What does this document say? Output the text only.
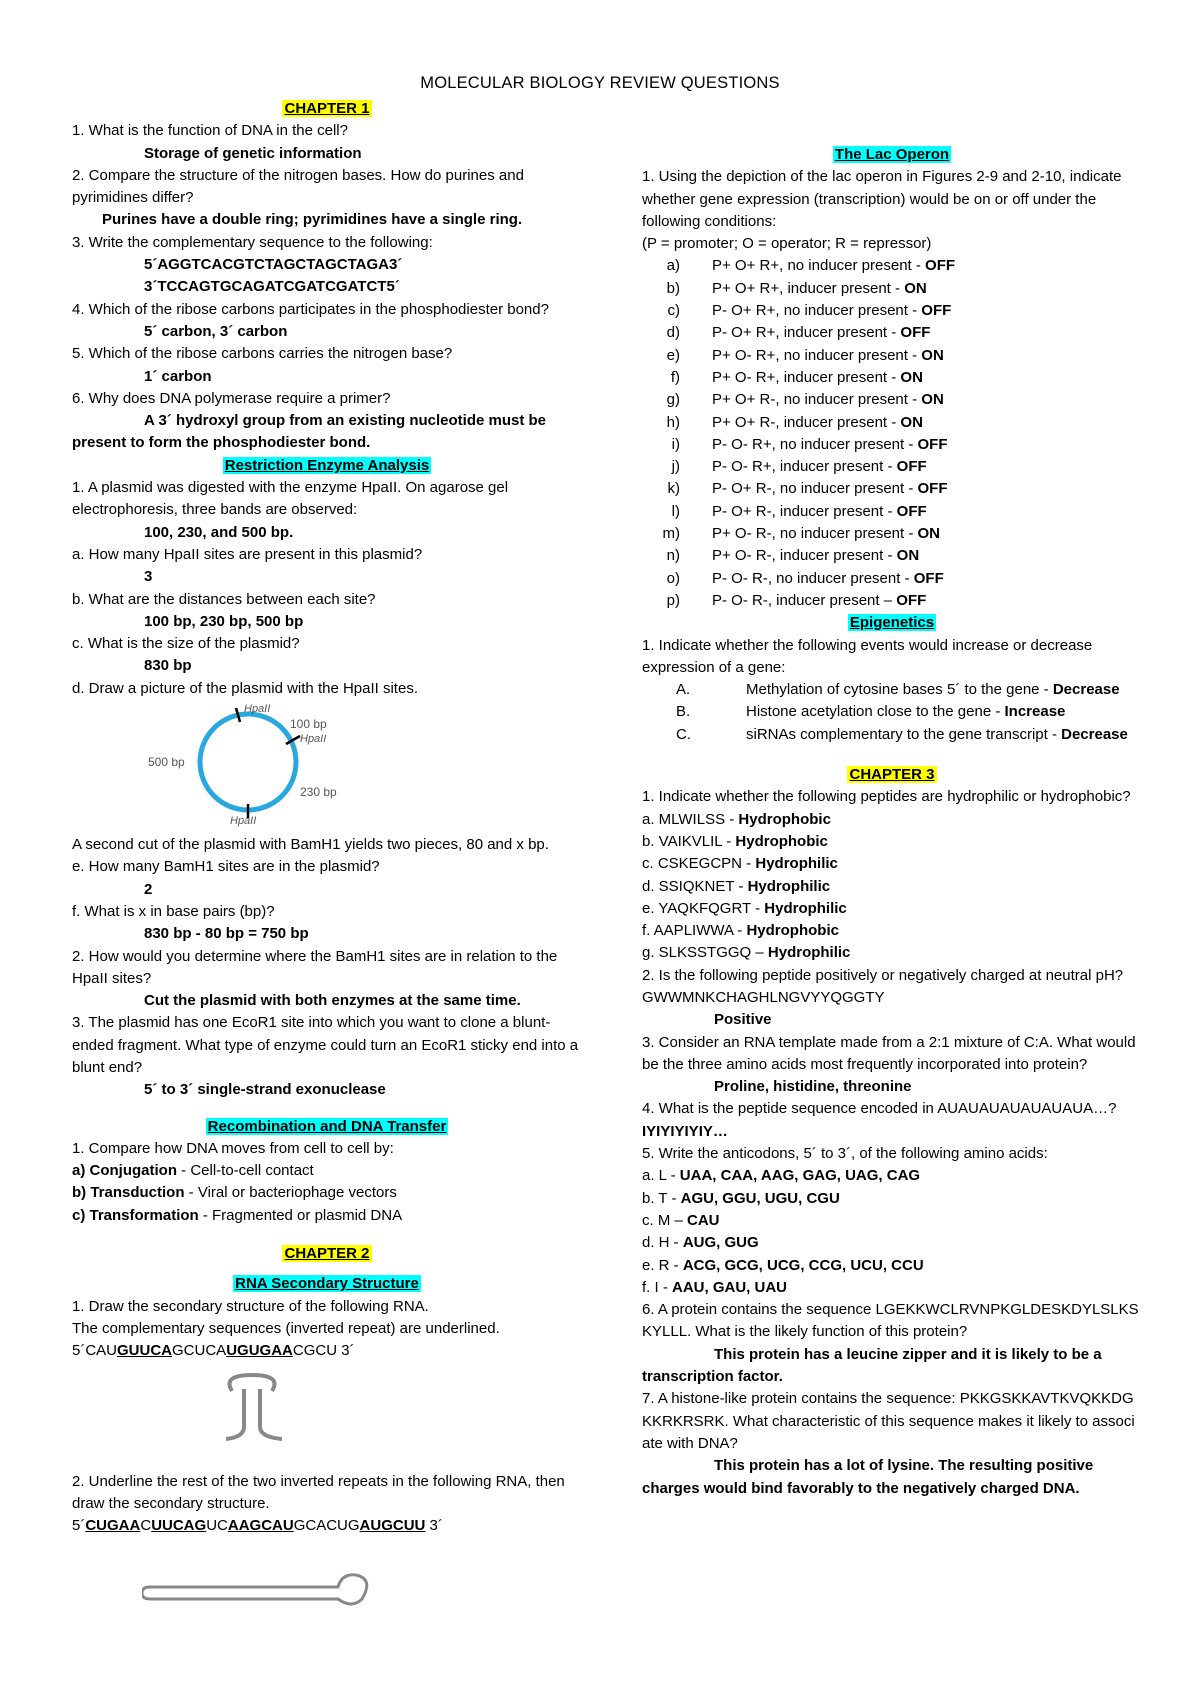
MOLECULAR BIOLOGY REVIEW QUESTIONS
CHAPTER 1
1. What is the function of DNA in the cell?
Storage of genetic information
2. Compare the structure of the nitrogen bases. How do purines and pyrimidines differ?
Purines have a double ring; pyrimidines have a single ring.
3. Write the complementary sequence to the following:
5´AGGTCACGTCTAGCTAGCTAGA3´
3´TCCAGTGCAGATCGATCGATCT5´
4. Which of the ribose carbons participates in the phosphodiester bond?
5´ carbon, 3´ carbon
5. Which of the ribose carbons carries the nitrogen base?
1´ carbon
6. Why does DNA polymerase require a primer?
A 3´ hydroxyl group from an existing nucleotide must be present to form the phosphodiester bond.
Restriction Enzyme Analysis
1. A plasmid was digested with the enzyme HpaII. On agarose gel electrophoresis, three bands are observed:
100, 230, and 500 bp.
a. How many HpaII sites are present in this plasmid?
3
b. What are the distances between each site?
100 bp, 230 bp, 500 bp
c. What is the size of the plasmid?
830 bp
d. Draw a picture of the plasmid with the HpaII sites.
HpaII
100 bp
HpaII
230 bp
500 bp
HpaII
A second cut of the plasmid with BamH1 yields two pieces, 80 and x bp.
e. How many BamH1 sites are in the plasmid?
2
f. What is x in base pairs (bp)?
830 bp - 80 bp = 750 bp
2. How would you determine where the BamH1 sites are in relation to the HpaII sites?
Cut the plasmid with both enzymes at the same time.
3. The plasmid has one EcoR1 site into which you want to clone a blunt-ended fragment. What type of enzyme could turn an EcoR1 sticky end into a blunt end?
5´ to 3´ single-strand exonuclease
Recombination and DNA Transfer
1. Compare how DNA moves from cell to cell by:
a) Conjugation - Cell-to-cell contact
b) Transduction - Viral or bacteriophage vectors
c) Transformation - Fragmented or plasmid DNA
CHAPTER 2
RNA Secondary Structure
1. Draw the secondary structure of the following RNA.
The complementary sequences (inverted repeat) are underlined.
5´CAUGUUCAGCUCAUGUGAACGCU 3´
2. Underline the rest of the two inverted repeats in the following RNA, then draw the secondary structure.
5´CUGAACUUCAGUCAAGCAUGCACUGAUGCUU 3´
The Lac Operon
1. Using the depiction of the lac operon in Figures 2-9 and 2-10, indicate whether gene expression (transcription) would be on or off under the following conditions:
(P = promoter; O = operator; R = repressor)
a) P+ O+ R+, no inducer present - OFF
b) P+ O+ R+, inducer present - ON
c) P- O+ R+, no inducer present - OFF
d) P- O+ R+, inducer present - OFF
e) P+ O- R+, no inducer present - ON
f) P+ O- R+, inducer present - ON
g) P+ O+ R-, no inducer present - ON
h) P+ O+ R-, inducer present - ON
i) P- O- R+, no inducer present - OFF
j) P- O- R+, inducer present - OFF
k) P- O+ R-, no inducer present - OFF
l) P- O+ R-, inducer present - OFF
m) P+ O- R-, no inducer present - ON
n) P+ O- R-, inducer present - ON
o) P- O- R-, no inducer present - OFF
p) P- O- R-, inducer present – OFF
Epigenetics
1. Indicate whether the following events would increase or decrease expression of a gene:
A.	Methylation of cytosine bases 5´ to the gene - Decrease
B.	Histone acetylation close to the gene - Increase
C.	siRNAs complementary to the gene transcript - Decrease
CHAPTER 3
1. Indicate whether the following peptides are hydrophilic or hydrophobic?
a. MLWILSS - Hydrophobic
b. VAIKVLIL - Hydrophobic
c. CSKEGCPN - Hydrophilic
d. SSIQKNET - Hydrophilic
e. YAQKFQGRT - Hydrophilic
f. AAPLIWWA - Hydrophobic
g. SLKSSTGGQ – Hydrophilic
2. Is the following peptide positively or negatively charged at neutral pH?
GWWMNKCHAGHLNGVYYQGGTY
Positive
3. Consider an RNA template made from a 2:1 mixture of C:A. What would be the three amino acids most frequently incorporated into protein?
Proline, histidine, threonine
4. What is the peptide sequence encoded in AUAUAUAUAUAUAUA…?
IYIYIYIYIY…
5. Write the anticodons, 5´ to 3´, of the following amino acids:
a. L - UAA, CAA, AAG, GAG, UAG, CAG
b. T - AGU, GGU, UGU, CGU
c. M – CAU
d. H - AUG, GUG
e. R - ACG, GCG, UCG, CCG, UCU, CCU
f. I - AAU, GAU, UAU
6. A protein contains the sequence LGEKKWCLRVNPKGLDESKDYLSLKSKYLLL. What is the likely function of this protein?
This protein has a leucine zipper and it is likely to be a transcription factor.
7. A histone-like protein contains the sequence: PKKGSKKAVTKVQKKDGKKRKRSRK. What characteristic of this sequence makes it likely to associate with DNA?
This protein has a lot of lysine. The resulting positive charges would bind favorably to the negatively charged DNA.
